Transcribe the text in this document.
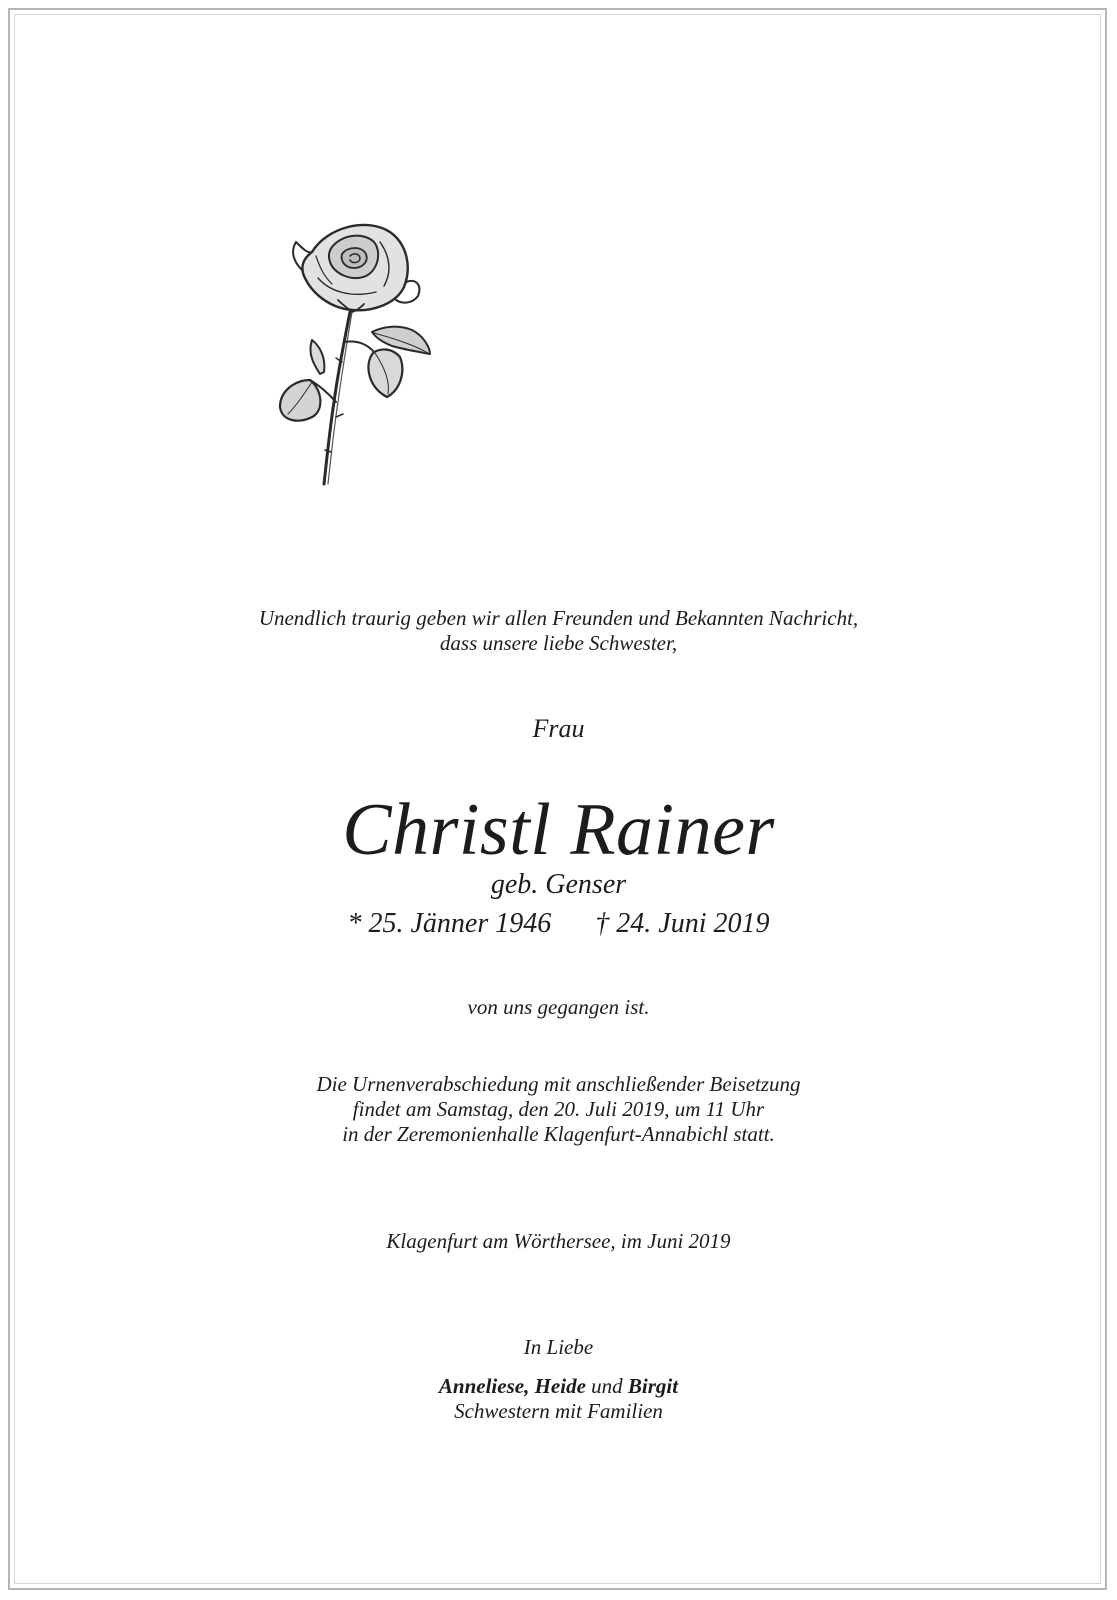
Unendlich traurig geben wir allen Freunden und Bekannten Nachricht,
dass unsere liebe Schwester,
Frau
Christl Rainer
geb. Genser
* 25. Jänner 1946 † 24. Juni 2019
von uns gegangen ist.
Die Urnenverabschiedung mit anschließender Beisetzung
findet am Samstag, den 20. Juli 2019, um 11 Uhr
in der Zeremonienhalle Klagenfurt-Annabichl statt.
Klagenfurt am Wörthersee, im Juni 2019
In Liebe
Anneliese, Heide und Birgit
Schwestern mit Familien
